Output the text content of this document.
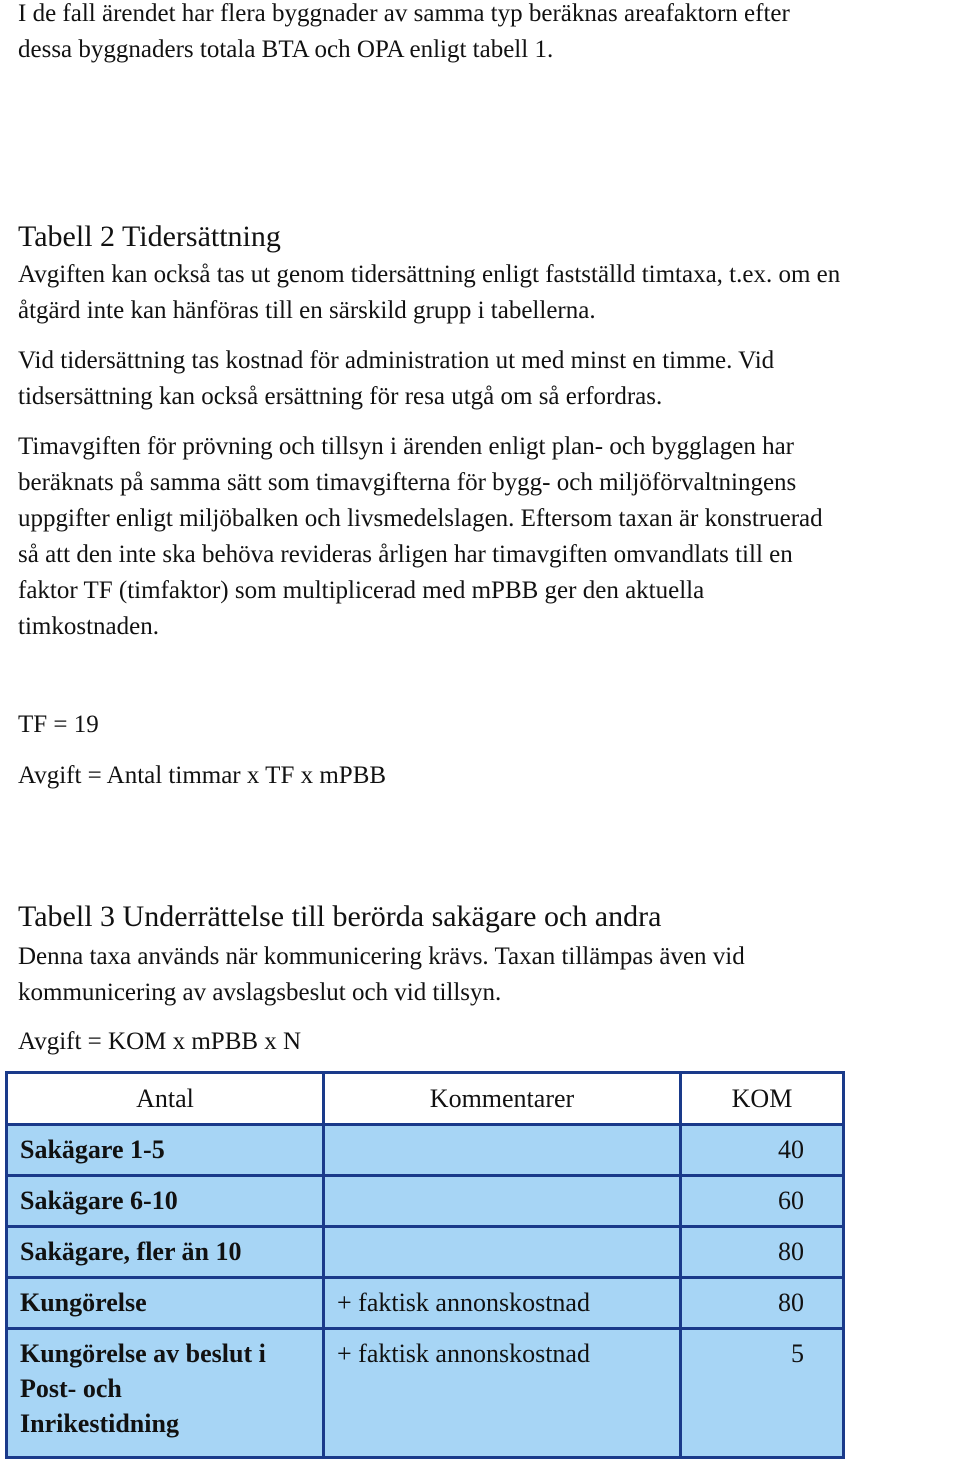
I de fall ärendet har flera byggnader av samma typ beräknas areafaktorn efter
dessa byggnaders totala BTA och OPA enligt tabell 1.
Tabell 2 Tidersättning
Avgiften kan också tas ut genom tidersättning enligt fastställd timtaxa, t.ex. om en
åtgärd inte kan hänföras till en särskild grupp i tabellerna.
Vid tidersättning tas kostnad för administration ut med minst en timme. Vid
tidsersättning kan också ersättning för resa utgå om så erfordras.
Timavgiften för prövning och tillsyn i ärenden enligt plan- och bygglagen har
beräknats på samma sätt som timavgifterna för bygg- och miljöförvaltningens
uppgifter enligt miljöbalken och livsmedelslagen. Eftersom taxan är konstruerad
så att den inte ska behöva revideras årligen har timavgiften omvandlats till en
faktor TF (timfaktor) som multiplicerad med mPBB ger den aktuella
timkostnaden.
TF = 19
Avgift = Antal timmar x TF x mPBB
Tabell 3 Underrättelse till berörda sakägare och andra
Denna taxa används när kommunicering krävs. Taxan tillämpas även vid
kommunicering av avslagsbeslut och vid tillsyn.
Avgift = KOM x mPBB x N
Antal	Kommentarer	KOM
Sakägare 1-5		40
Sakägare 6-10		60
Sakägare, fler än 10		80
Kungörelse	+ faktisk annonskostnad	80
Kungörelse av beslut i
Post- och
Inrikestidning	+ faktisk annonskostnad	5
